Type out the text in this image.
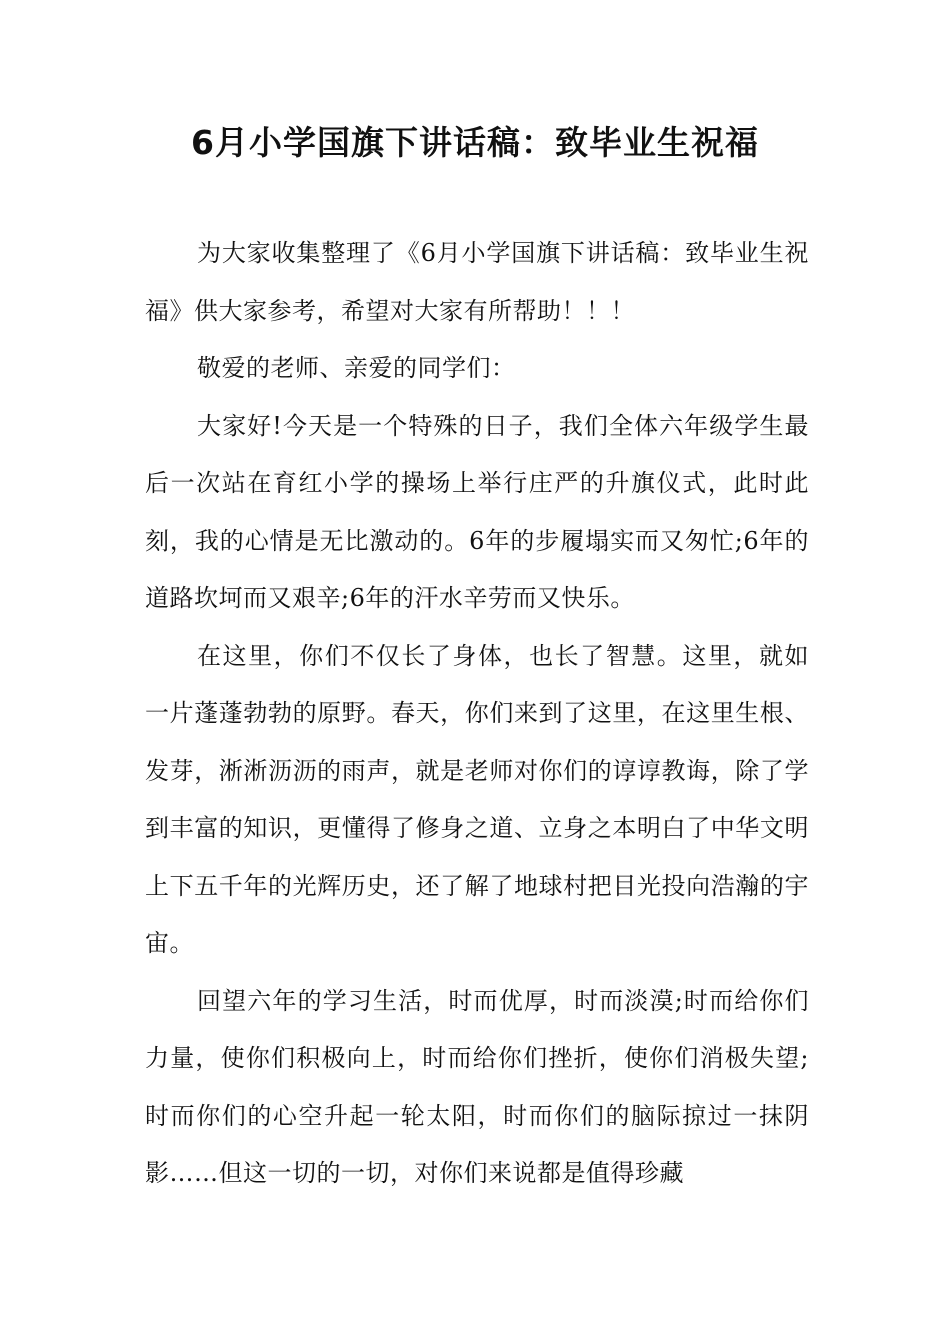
6月小学国旗下讲话稿：致毕业生祝福

为大家收集整理了《6月小学国旗下讲话稿：致毕业生祝福》供大家参考，希望对大家有所帮助！！！

敬爱的老师、亲爱的同学们：

大家好!今天是一个特殊的日子，我们全体六年级学生最后一次站在育红小学的操场上举行庄严的升旗仪式，此时此刻，我的心情是无比激动的。6年的步履塌实而又匆忙;6年的道路坎坷而又艰辛;6年的汗水辛劳而又快乐。

在这里，你们不仅长了身体，也长了智慧。这里，就如一片蓬蓬勃勃的原野。春天，你们来到了这里，在这里生根、发芽，淅淅沥沥的雨声，就是老师对你们的谆谆教诲，除了学到丰富的知识，更懂得了修身之道、立身之本明白了中华文明上下五千年的光辉历史，还了解了地球村把目光投向浩瀚的宇宙。

回望六年的学习生活，时而优厚，时而淡漠;时而给你们力量，使你们积极向上，时而给你们挫折，使你们消极失望;时而你们的心空升起一轮太阳，时而你们的脑际掠过一抹阴影……但这一切的一切，对你们来说都是值得珍藏
